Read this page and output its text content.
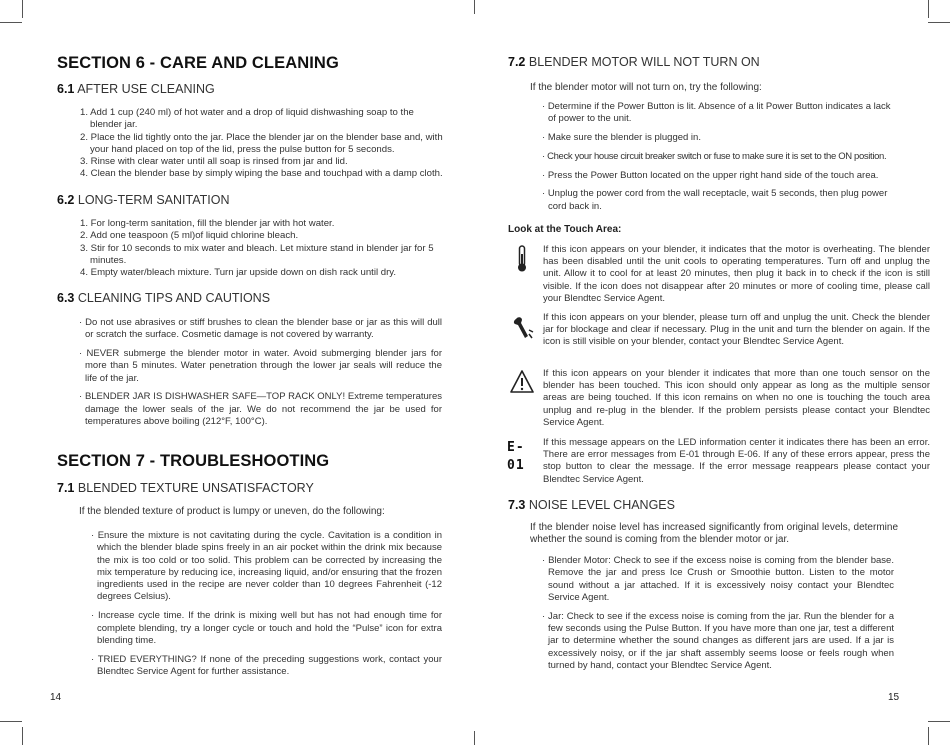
SECTION 6 - CARE AND CLEANING
6.1 AFTER USE CLEANING
1. Add 1 cup (240 ml) of hot water and a drop of liquid dishwashing soap to the blender jar.
2. Place the lid tightly onto the jar. Place the blender jar on the blender base and, with your hand placed on top of the lid, press the pulse button for 5 seconds.
3. Rinse with clear water until all soap is rinsed from jar and lid.
4. Clean the blender base by simply wiping the base and touchpad with a damp cloth.
6.2 LONG-TERM SANITATION
1. For long-term sanitation, fill the blender jar with hot water.
2. Add one teaspoon (5 ml)of liquid chlorine bleach.
3. Stir for 10 seconds to mix water and bleach. Let mixture stand in blender jar for 5 minutes.
4. Empty water/bleach mixture. Turn jar upside down on dish rack until dry.
6.3 CLEANING TIPS AND CAUTIONS
· Do not use abrasives or stiff brushes to clean the blender base or jar as this will dull or scratch the surface. Cosmetic damage is not covered by warranty.
· NEVER submerge the blender motor in water. Avoid submerging blender jars for more than 5 minutes. Water penetration through the lower jar seals will reduce the life of the jar.
· BLENDER JAR IS DISHWASHER SAFE—TOP RACK ONLY! Extreme temperatures damage the lower seals of the jar. We do not recommend the jar be used for temperatures above boiling (212°F, 100°C).
SECTION 7 - TROUBLESHOOTING
7.1 BLENDED TEXTURE UNSATISFACTORY
If the blended texture of product is lumpy or uneven, do the following:
· Ensure the mixture is not cavitating during the cycle. Cavitation is a condition in which the blender blade spins freely in an air pocket within the drink mix because the mix is too cold or too solid. This problem can be corrected by increasing the mix temperature by reducing ice, increasing liquid, and/or ensuring that the frozen ingredients used in the recipe are never colder than 10 degrees Fahrenheit (-12 degrees Celsius).
· Increase cycle time. If the drink is mixing well but has not had enough time for complete blending, try a longer cycle or touch and hold the “Pulse” icon for extra blending time.
· TRIED EVERYTHING? If none of the preceding suggestions work, contact your Blendtec Service Agent for further assistance.
14
7.2 BLENDER MOTOR WILL NOT TURN ON
If the blender motor will not turn on, try the following:
· Determine if the Power Button is lit. Absence of a lit Power Button indicates a lack of power to the unit.
· Make sure the blender is plugged in.
· Check your house circuit breaker switch or fuse to make sure it is set to the ON position.
· Press the Power Button located on the upper right hand side of the touch area.
· Unplug the power cord from the wall receptacle, wait 5 seconds, then plug power cord back in.
Look at the Touch Area:
If this icon appears on your blender, it indicates that the motor is overheating. The blender has been disabled until the unit cools to operating temperatures. Turn off and unplug the unit. Allow it to cool for at least 20 minutes, then plug it back in to check if the icon is still visible. If the icon does not disappear after 20 minutes or more of cooling time, please call your Blendtec Service Agent.
If this icon appears on your blender, please turn off and unplug the unit. Check the blender jar for blockage and clear if necessary. Plug in the unit and turn the blender on again. If the icon is still visible on your blender, contact your Blendtec Service Agent.
If this icon appears on your blender it indicates that more than one touch sensor on the blender has been touched. This icon should only appear as long as the multiple sensor areas are being touched. If this icon remains on when no one is touching the touch area unplug and re-plug in the blender. If the problem persists please contact your Blendtec Service Agent.
E-01
If this message appears on the LED information center it indicates there has been an error. There are error messages from E-01 through E-06. If any of these errors appear, press the stop button to clear the message. If the error message reappears please contact your Blendtec Service Agent.
7.3 NOISE LEVEL CHANGES
If the blender noise level has increased significantly from original levels, determine whether the sound is coming from the blender motor or jar.
· Blender Motor: Check to see if the excess noise is coming from the blender base. Remove the jar and press Ice Crush or Smoothie button. Listen to the motor sound without a jar attached. If it is excessively noisy contact your Blendtec Service Agent.
· Jar: Check to see if the excess noise is coming from the jar. Run the blender for a few seconds using the Pulse Button. If you have more than one jar, test a different jar to determine whether the sound changes as different jars are used. If a jar is excessively noisy, or if the jar shaft assembly seems loose or feels rough when turned by hand, contact your Blendtec Service Agent.
15
